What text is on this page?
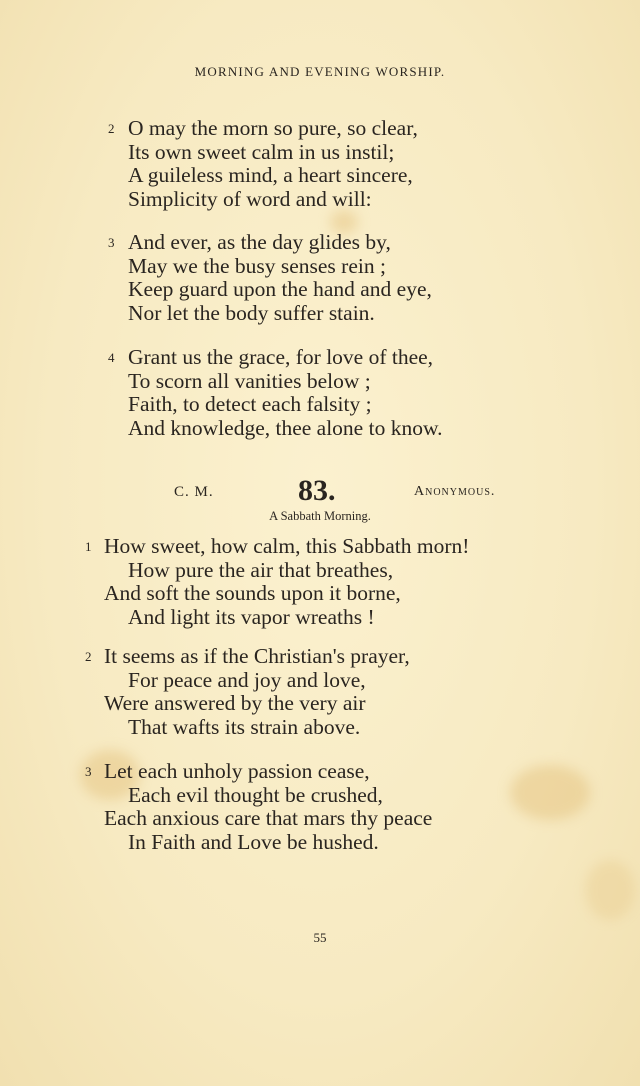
MORNING AND EVENING WORSHIP.
2 O may the morn so pure, so clear,
Its own sweet calm in us instil;
A guileless mind, a heart sincere,
Simplicity of word and will:
3 And ever, as the day glides by,
May we the busy senses rein ;
Keep guard upon the hand and eye,
Nor let the body suffer stain.
4 Grant us the grace, for love of thee,
To scorn all vanities below ;
Faith, to detect each falsity ;
And knowledge, thee alone to know.
C. M.	83.	Anonymous.
A Sabbath Morning.
1 How sweet, how calm, this Sabbath morn!
How pure the air that breathes,
And soft the sounds upon it borne,
And light its vapor wreaths !
2 It seems as if the Christian's prayer,
For peace and joy and love,
Were answered by the very air
That wafts its strain above.
3 Let each unholy passion cease,
Each evil thought be crushed,
Each anxious care that mars thy peace
In Faith and Love be hushed.
55
